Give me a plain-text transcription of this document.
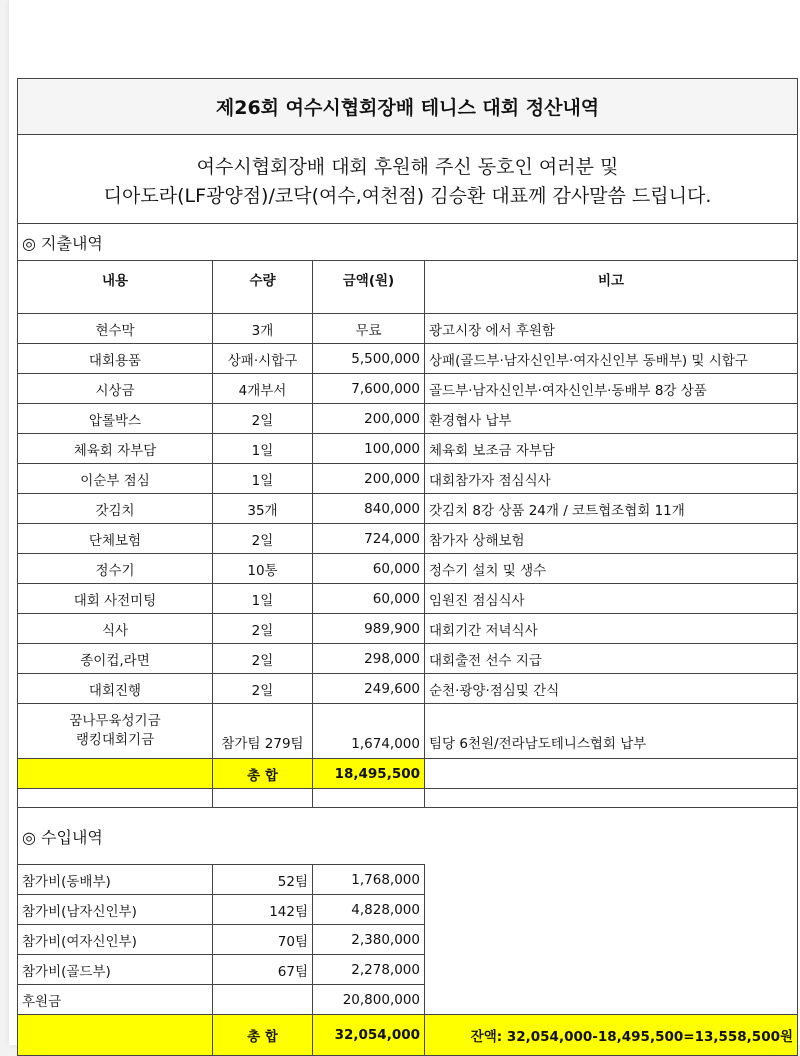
제26회 여수시협회장배 테니스 대회 정산내역			

여수시협회장배 대회 후원해 주신 동호인 여러분 및
디아도라(LF광양점)/코닥(여수,여천점) 김승환 대표께 감사말씀 드립니다.			

◎ 지출내역			
내용	수량	금액(원)	비고
현수막	3개	무료	광고시장 에서 후원함
대회용품	상패·시합구	5,500,000	상패(골드부·남자신인부·여자신인부 동배부) 및 시합구
시상금	4개부서	7,600,000	골드부·남자신인부·여자신인부·동배부 8강 상품
압롤박스	2일	200,000	환경협사 납부
체육회 자부담	1일	100,000	체육회 보조금 자부담
이순부 점심	1일	200,000	대회참가자 점심식사
갓김치	35개	840,000	갓김치 8강 상품 24개 / 코트협조협회 11개
단체보험	2일	724,000	참가자 상해보험
정수기	10통	60,000	정수기 설치 및 생수
대회 사전미팅	1일	60,000	임원진 점심식사
식사	2일	989,900	대회기간 저녁식사
종이컵,라면	2일	298,000	대회출전 선수 지급
대회진행	2일	249,600	순천·광양·점심및 간식

꿈나무육성기금
랭킹대회기금	참가팀 279팀	1,674,000	팀당 6천원/전라남도테니스협회 납부
	총 합	18,495,500	

◎ 수입내역			
참가비(동배부)	52팀	1,768,000	
참가비(남자신인부)	142팀	4,828,000	
참가비(여자신인부)	70팀	2,380,000	
참가비(골드부)	67팀	2,278,000	
후원금		20,800,000	
	총 합	32,054,000	잔액: 32,054,000-18,495,500=13,558,500원
